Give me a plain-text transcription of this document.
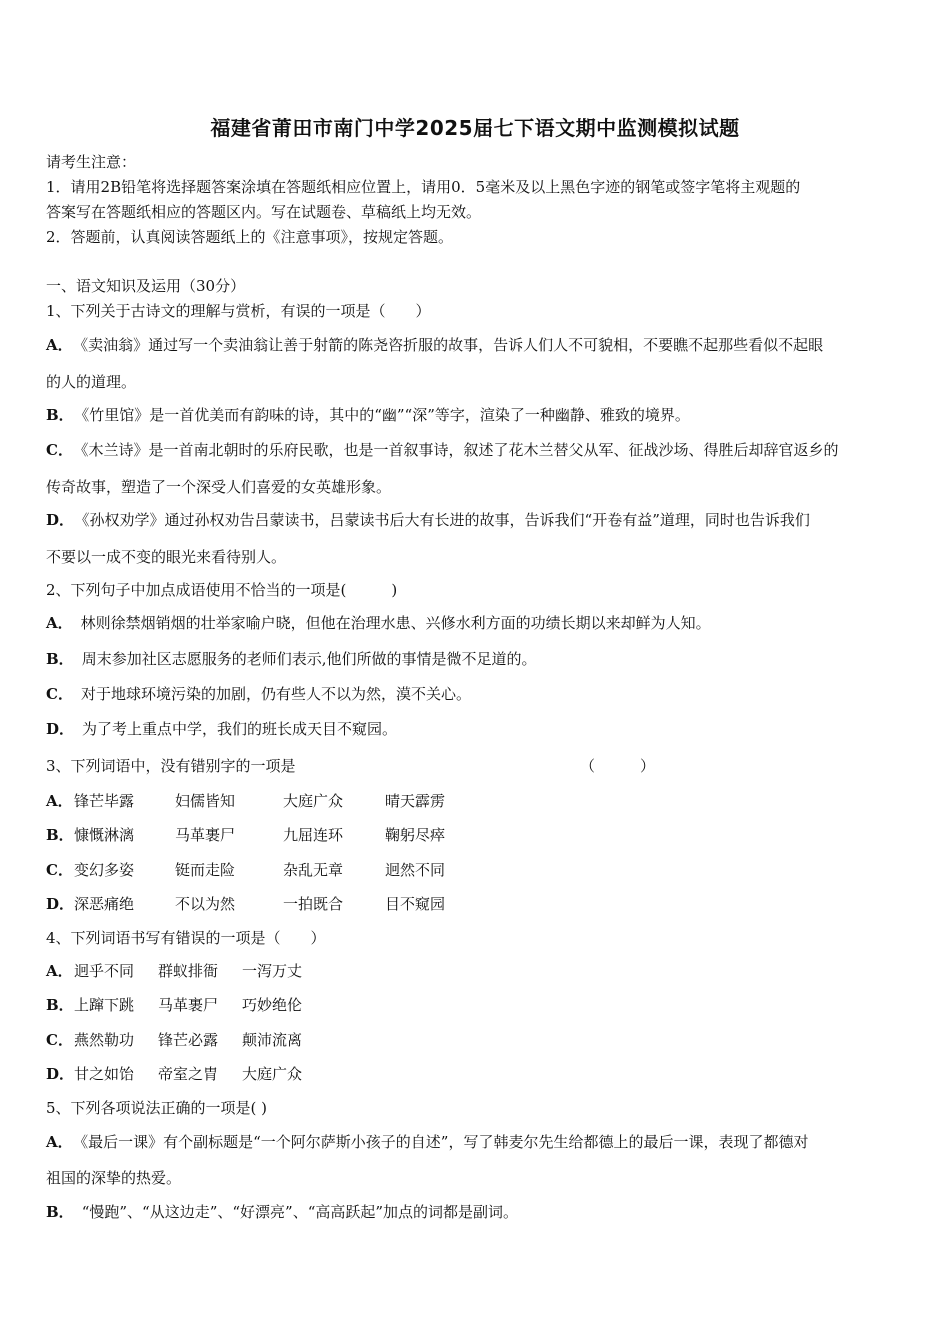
福建省莆田市南门中学2025届七下语文期中监测模拟试题
请考生注意：
1．请用2B铅笔将选择题答案涂填在答题纸相应位置上，请用0．5毫米及以上黑色字迹的钢笔或签字笔将主观题的
答案写在答题纸相应的答题区内。写在试题卷、草稿纸上均无效。
2．答题前，认真阅读答题纸上的《注意事项》，按规定答题。
一、语文知识及运用（30分）
1、下列关于古诗文的理解与赏析，有误的一项是（　　）
A． 《卖油翁》通过写一个卖油翁让善于射箭的陈尧咨折服的故事，告诉人们人不可貌相，不要瞧不起那些看似不起眼
的人的道理。
B． 《竹里馆》是一首优美而有韵味的诗，其中的“幽”“深”等字，渲染了一种幽静、雅致的境界。
C． 《木兰诗》是一首南北朝时的乐府民歌，也是一首叙事诗，叙述了花木兰替父从军、征战沙场、得胜后却辞官返乡的
传奇故事，塑造了一个深受人们喜爱的女英雄形象。
D． 《孙权劝学》通过孙权劝告吕蒙读书，吕蒙读书后大有长进的故事，告诉我们“开卷有益”道理，同时也告诉我们
不要以一成不变的眼光来看待别人。
2、下列句子中加点成语使用不恰当的一项是(　　　)
A． 林则徐禁烟销烟的壮举家喻户晓，但他在治理水患、兴修水利方面的功绩长期以来却鲜为人知。
B． 周末参加社区志愿服务的老师们表示,他们所做的事情是微不足道的。
C． 对于地球环境污染的加剧，仍有些人不以为然，漠不关心。
D． 为了考上重点中学，我们的班长成天目不窥园。
3、下列词语中，没有错别字的一项是	（　　　）
A． 锋芒毕露	妇儒皆知	大庭广众	晴天霹雳
B． 慷慨淋漓	马革裹尸	九屈连环	鞠躬尽瘁
C． 变幻多姿	铤而走险	杂乱无章	迥然不同
D． 深恶痛绝	不以为然	一拍既合	目不窥园
4、下列词语书写有错误的一项是（　　）
A． 迥乎不同 群蚁排衙 一泻万丈
B． 上蹿下跳 马革裹尸 巧妙绝伦
C． 燕然勒功 锋芒必露 颠沛流离
D． 甘之如饴 帝室之胄 大庭广众
5、下列各项说法正确的一项是( )
A． 《最后一课》有个副标题是“一个阿尔萨斯小孩子的自述”，写了韩麦尔先生给都德上的最后一课，表现了都德对
祖国的深挚的热爱。
B． “慢跑”、“从这边走”、“好漂亮”、“高高跃起”加点的词都是副词。
